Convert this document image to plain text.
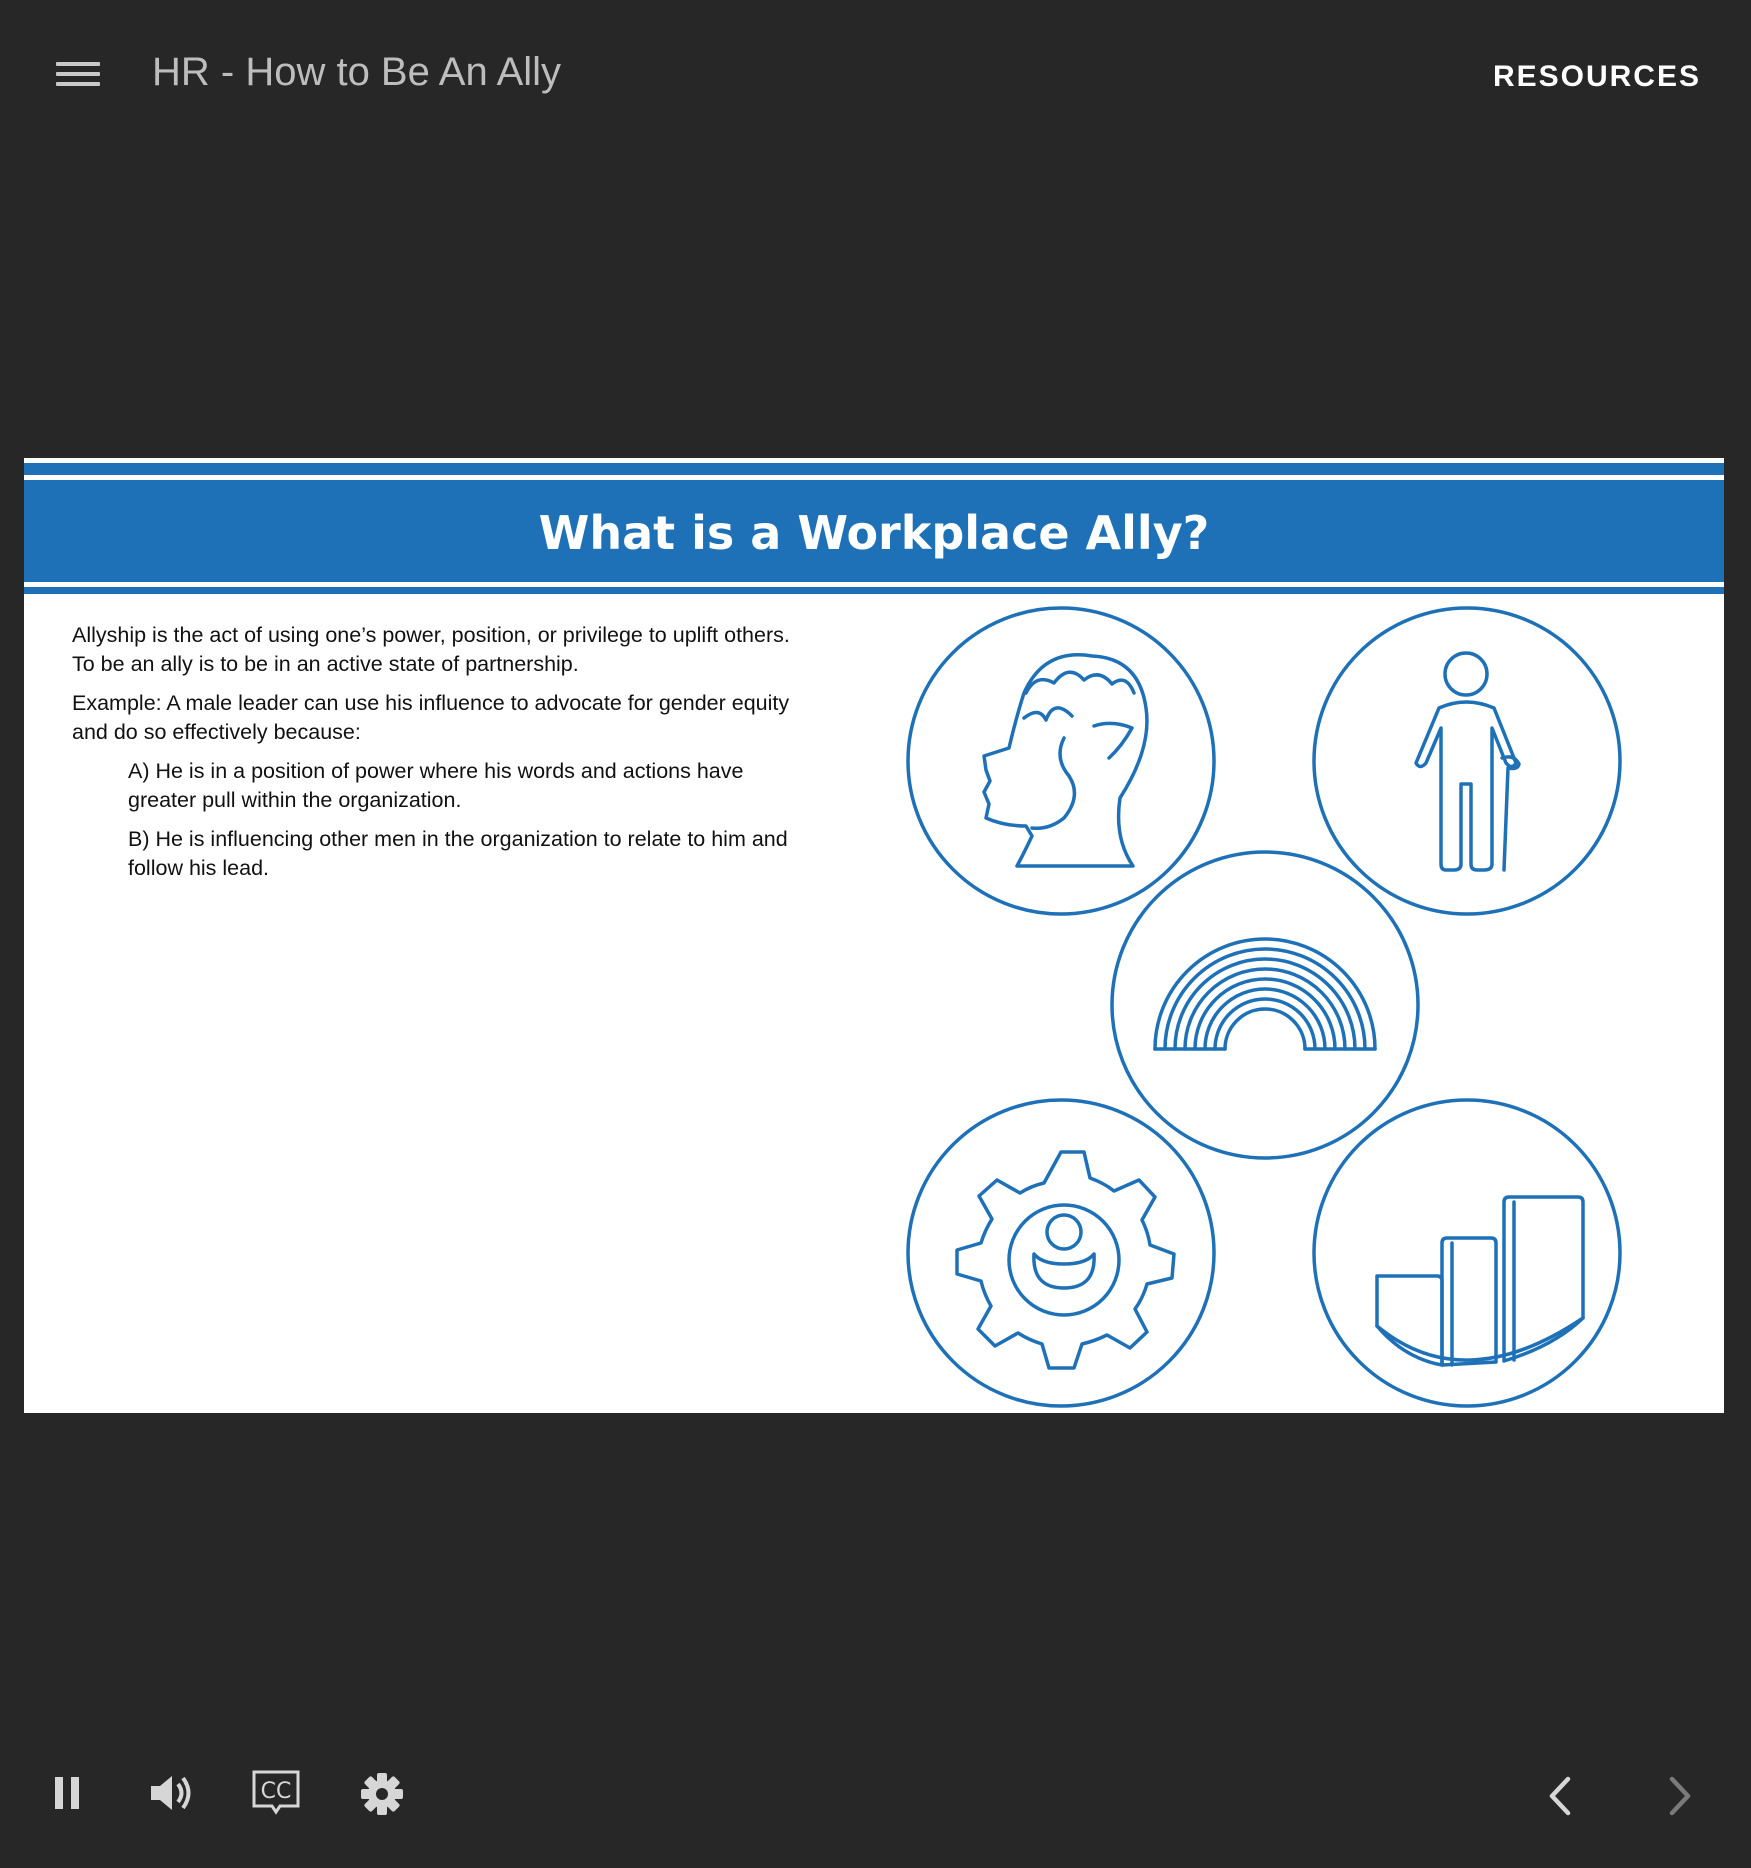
HR - How to Be An Ally	RESOURCES
What is a Workplace Ally?

Allyship is the act of using one’s power, position, or privilege to uplift others. To be an ally is to be in an active state of partnership.

Example: A male leader can use his influence to advocate for gender equity and do so effectively because:

A) He is in a position of power where his words and actions have greater pull within the organization.

B) He is influencing other men in the organization to relate to him and follow his lead.

CC
